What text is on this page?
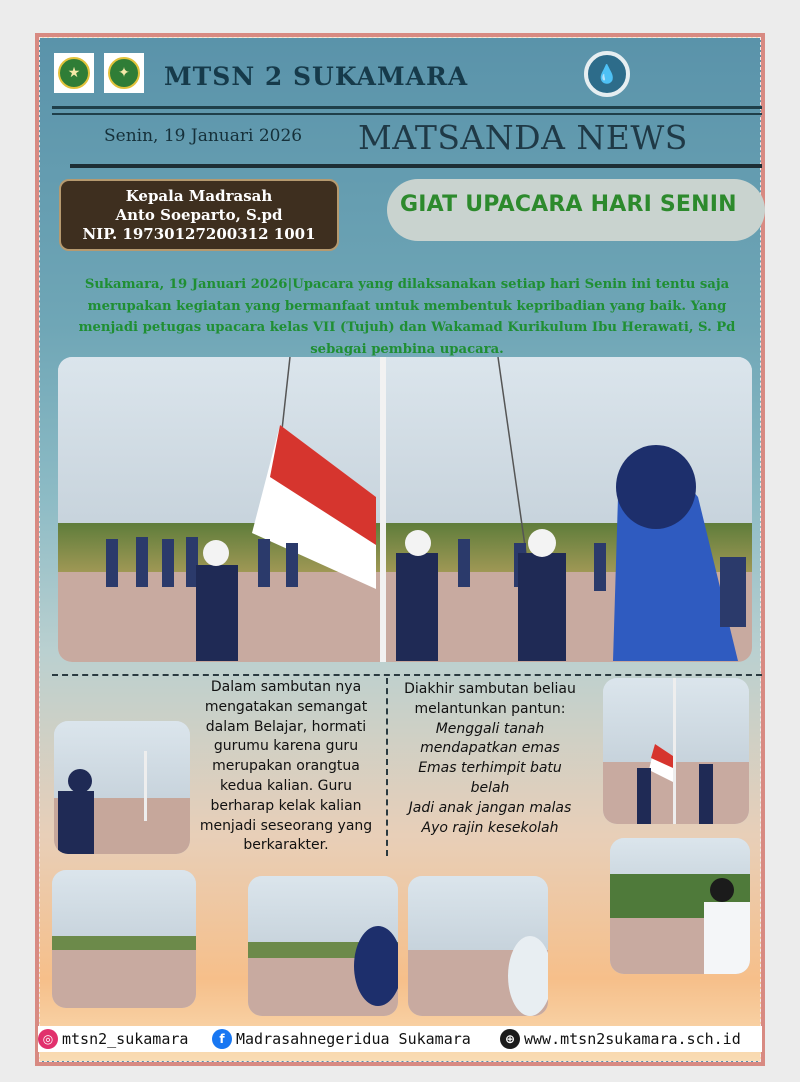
★	✦ MTSN 2 SUKAMARA	💧
Senin, 19 Januari 2026 MATSANDA NEWS
Kepala Madrasah
Anto Soeparto, S.pd
NIP. 19730127200312 1001
GIAT UPACARA HARI SENIN
Sukamara, 19 Januari 2026|Upacara yang dilaksanakan setiap hari Senin ini tentu saja merupakan kegiatan yang bermanfaat untuk membentuk kepribadian yang baik. Yang menjadi petugas upacara kelas VII (Tujuh) dan Wakamad Kurikulum Ibu Herawati, S. Pd sebagai pembina upacara.
Dalam sambutan nya mengatakan semangat dalam Belajar, hormati gurumu karena guru merupakan orangtua kedua kalian. Guru berharap kelak kalian menjadi seseorang yang berkarakter.
Diakhir sambutan beliau
melantunkan pantun:
Menggali tanah
mendapatkan emas
Emas terhimpit batu
belah
Jadi anak jangan malas
Ayo rajin kesekolah
◎ mtsn2_sukamara	f Madrasahnegeridua Sukamara	⊕ www.mtsn2sukamara.sch.id
